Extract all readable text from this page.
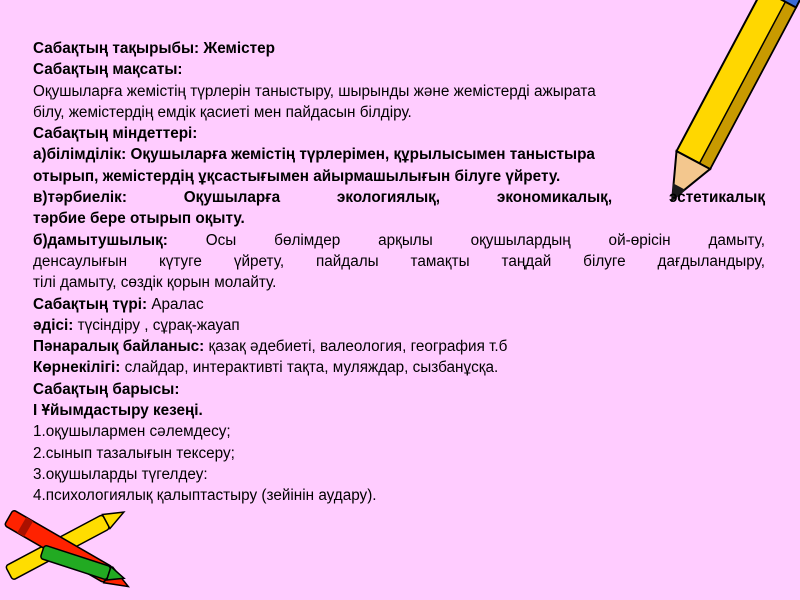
Сабақтың тақырыбы: Жемістер
Сабақтың мақсаты:
Оқушыларға жемістің түрлерін таныстыру, шырынды және жемістерді ажырата
білу, жемістердің емдік қасиеті мен пайдасын білдіру.
Сабақтың міндеттері:
а)білімділік: Оқушыларға жемістің түрлерімен, құрылысымен таныстыра
отырып, жемістердің ұқсастығымен айырмашылығын білуге үйрету.
в)тәрбиелік: Оқушыларға экологиялық, экономикалық, эстетикалық
тәрбие бере отырып оқыту.
б)дамытушылық: Осы бөлімдер арқылы оқушылардың ой-өрісін дамыту,
денсаулығын күтуге үйрету, пайдалы тамақты таңдай білуге дағдыландыру,
тілі дамыту, сөздік қорын молайту.
Сабақтың түрі: Аралас
әдісі: түсіндіру , сұрақ-жауап
Пәнаралық байланыс: қазақ әдебиеті, валеология, география т.б
Көрнекілігі: слайдар, интерактивті тақта, муляждар, сызбанұсқа.
Сабақтың барысы:
І Ұйымдастыру кезеңі.
1.оқушылармен сәлемдесу;
2.сынып тазалығын тексеру;
3.оқушыларды түгелдеу:
4.психологиялық қалыптастыру (зейінін аудару).
